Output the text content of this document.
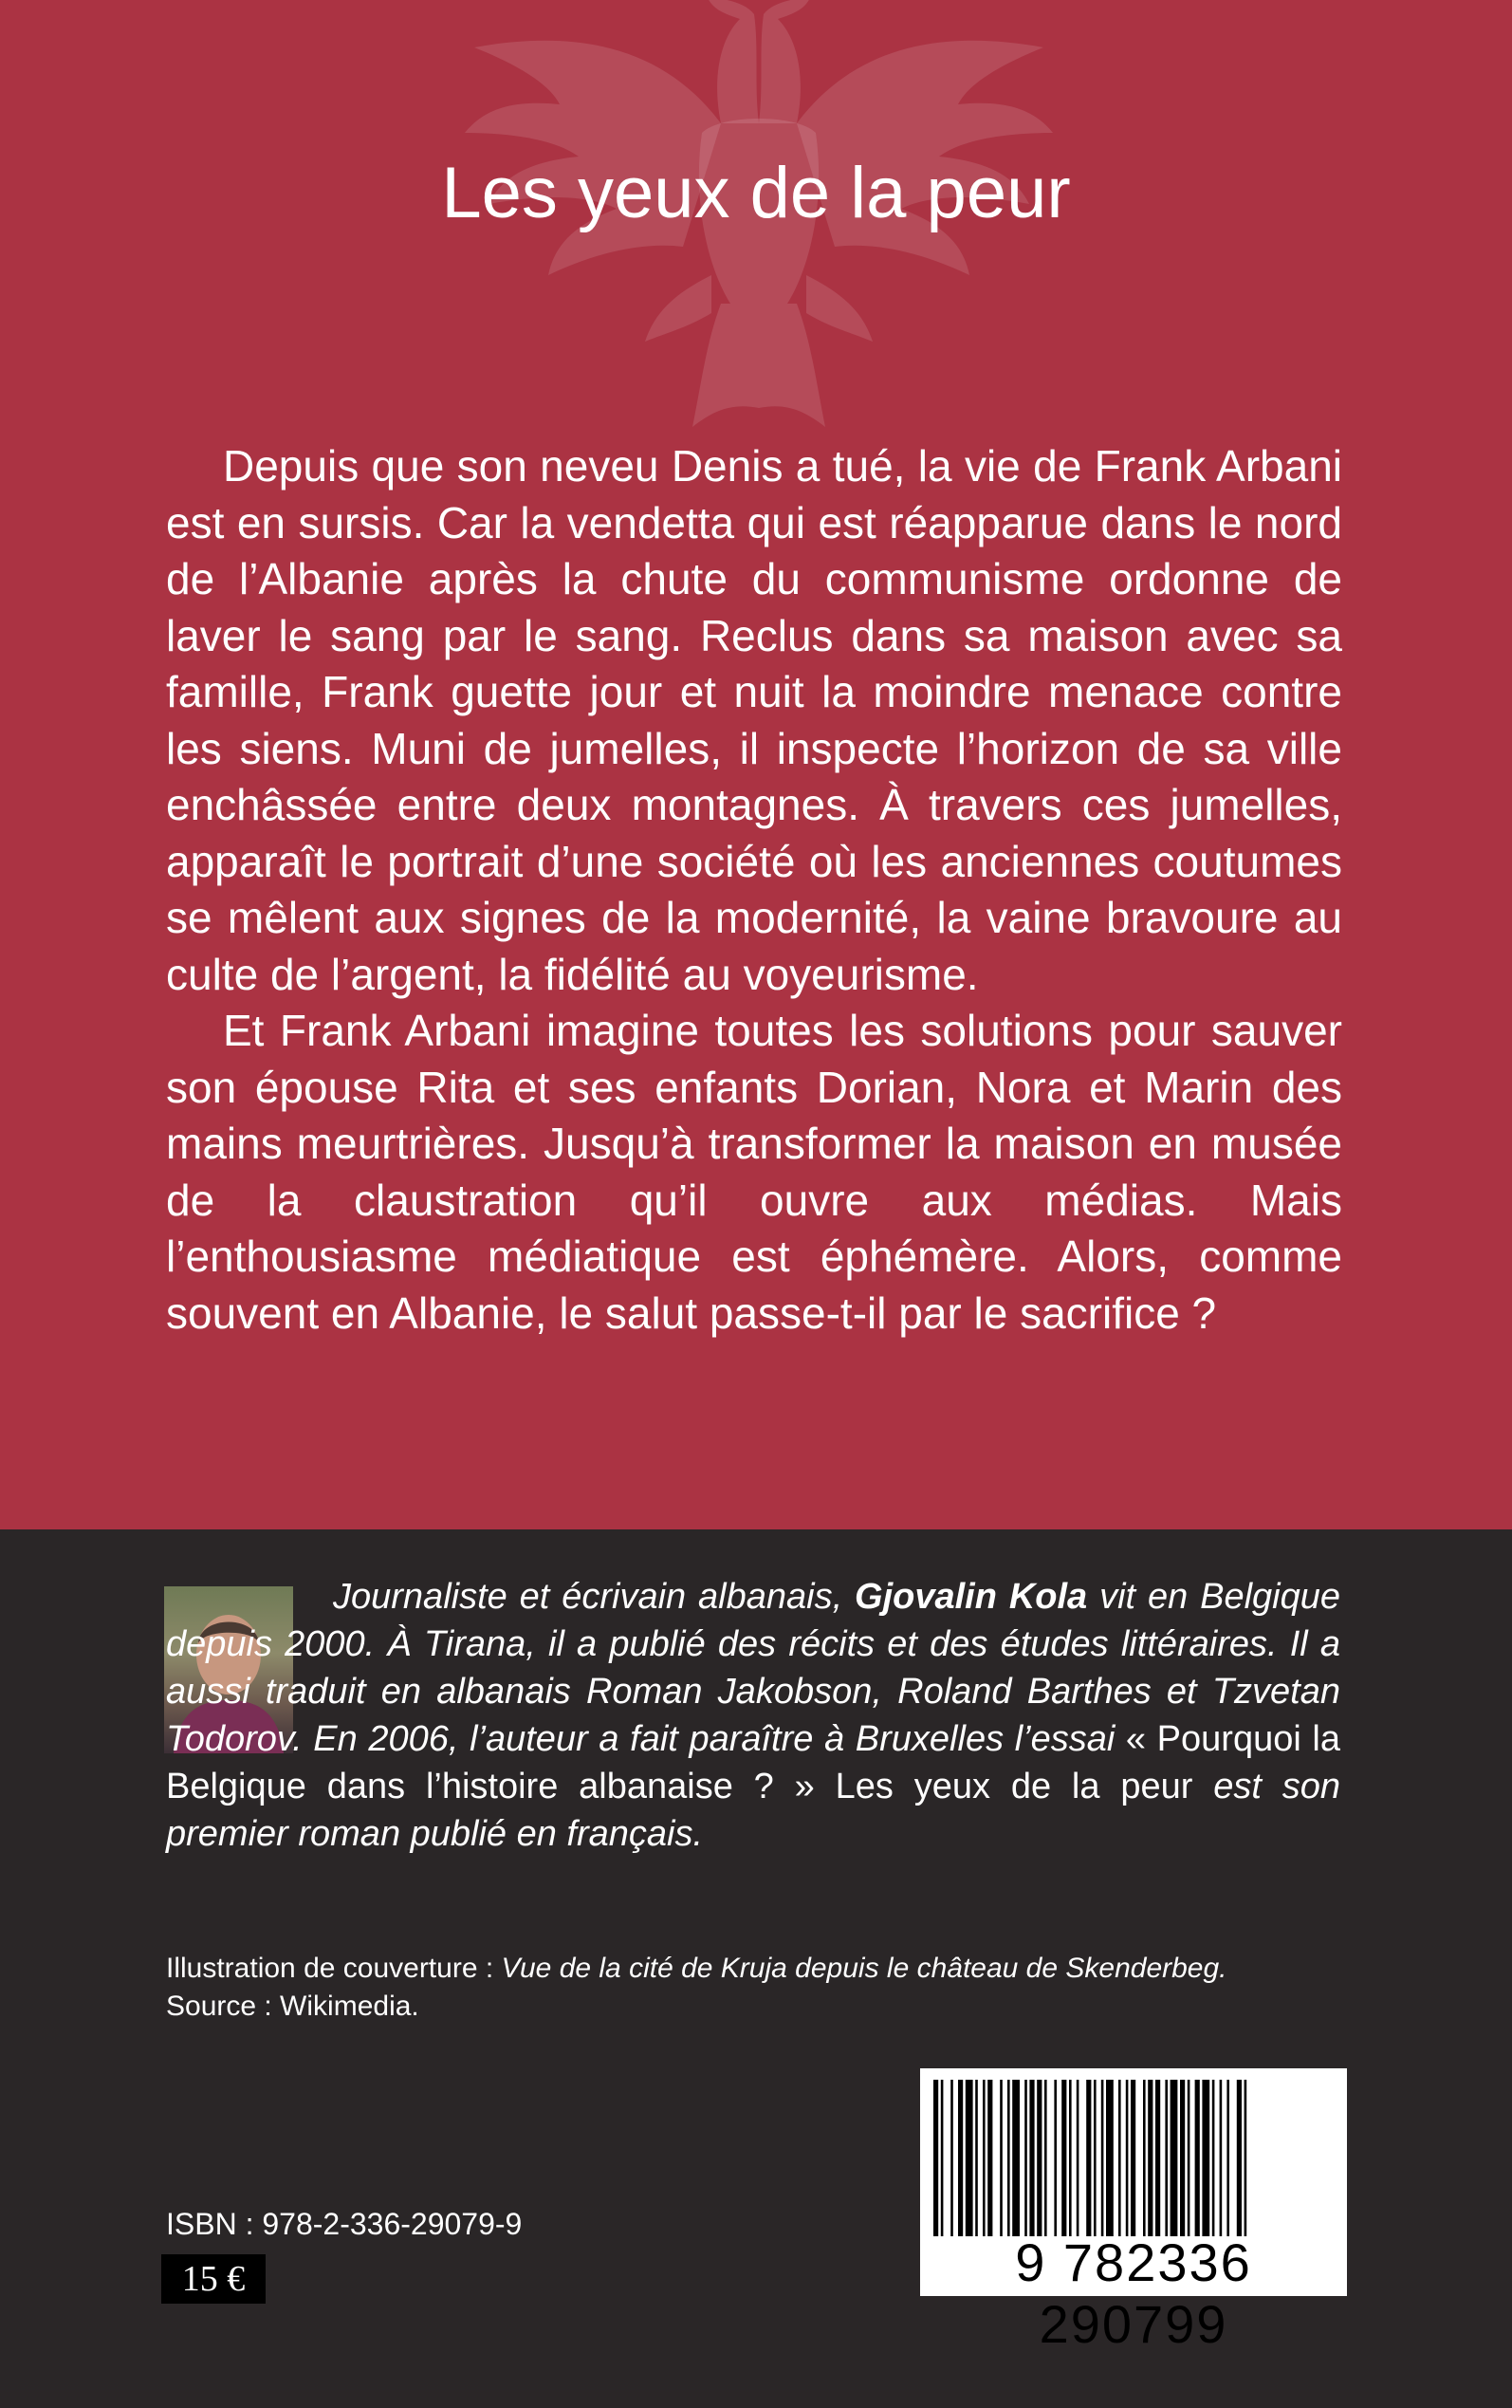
Les yeux de la peur

Depuis que son neveu Denis a tué, la vie de Frank Arbani est en sursis. Car la vendetta qui est réapparue dans le nord de l’Albanie après la chute du communisme ordonne de laver le sang par le sang. Reclus dans sa maison avec sa famille, Frank guette jour et nuit la moindre menace contre les siens. Muni de jumelles, il inspecte l’horizon de sa ville enchâssée entre deux montagnes. À travers ces jumelles, apparaît le portrait d’une société où les anciennes coutumes se mêlent aux signes de la modernité, la vaine bravoure au culte de l’argent, la fidélité au voyeurisme.

Et Frank Arbani imagine toutes les solutions pour sauver son épouse Rita et ses enfants Dorian, Nora et Marin des mains meurtrières. Jusqu’à transformer la maison en musée de la claustration qu’il ouvre aux médias. Mais l’enthousiasme médiatique est éphémère. Alors, comme souvent en Albanie, le salut passe-t-il par le sacrifice ?

Journaliste et écrivain albanais, Gjovalin Kola vit en Belgique depuis 2000. À Tirana, il a publié des récits et des études littéraires. Il a aussi traduit en albanais Roman Jakobson, Roland Barthes et Tzvetan Todorov. En 2006, l’auteur a fait paraître à Bruxelles l’essai « Pourquoi la Belgique dans l’histoire albanaise ? » Les yeux de la peur est son premier roman publié en français.

Illustration de couverture : Vue de la cité de Kruja depuis le château de Skenderbeg.
Source : Wikimedia.

ISBN : 978-2-336-29079-9
15 €	9 782336 290799
